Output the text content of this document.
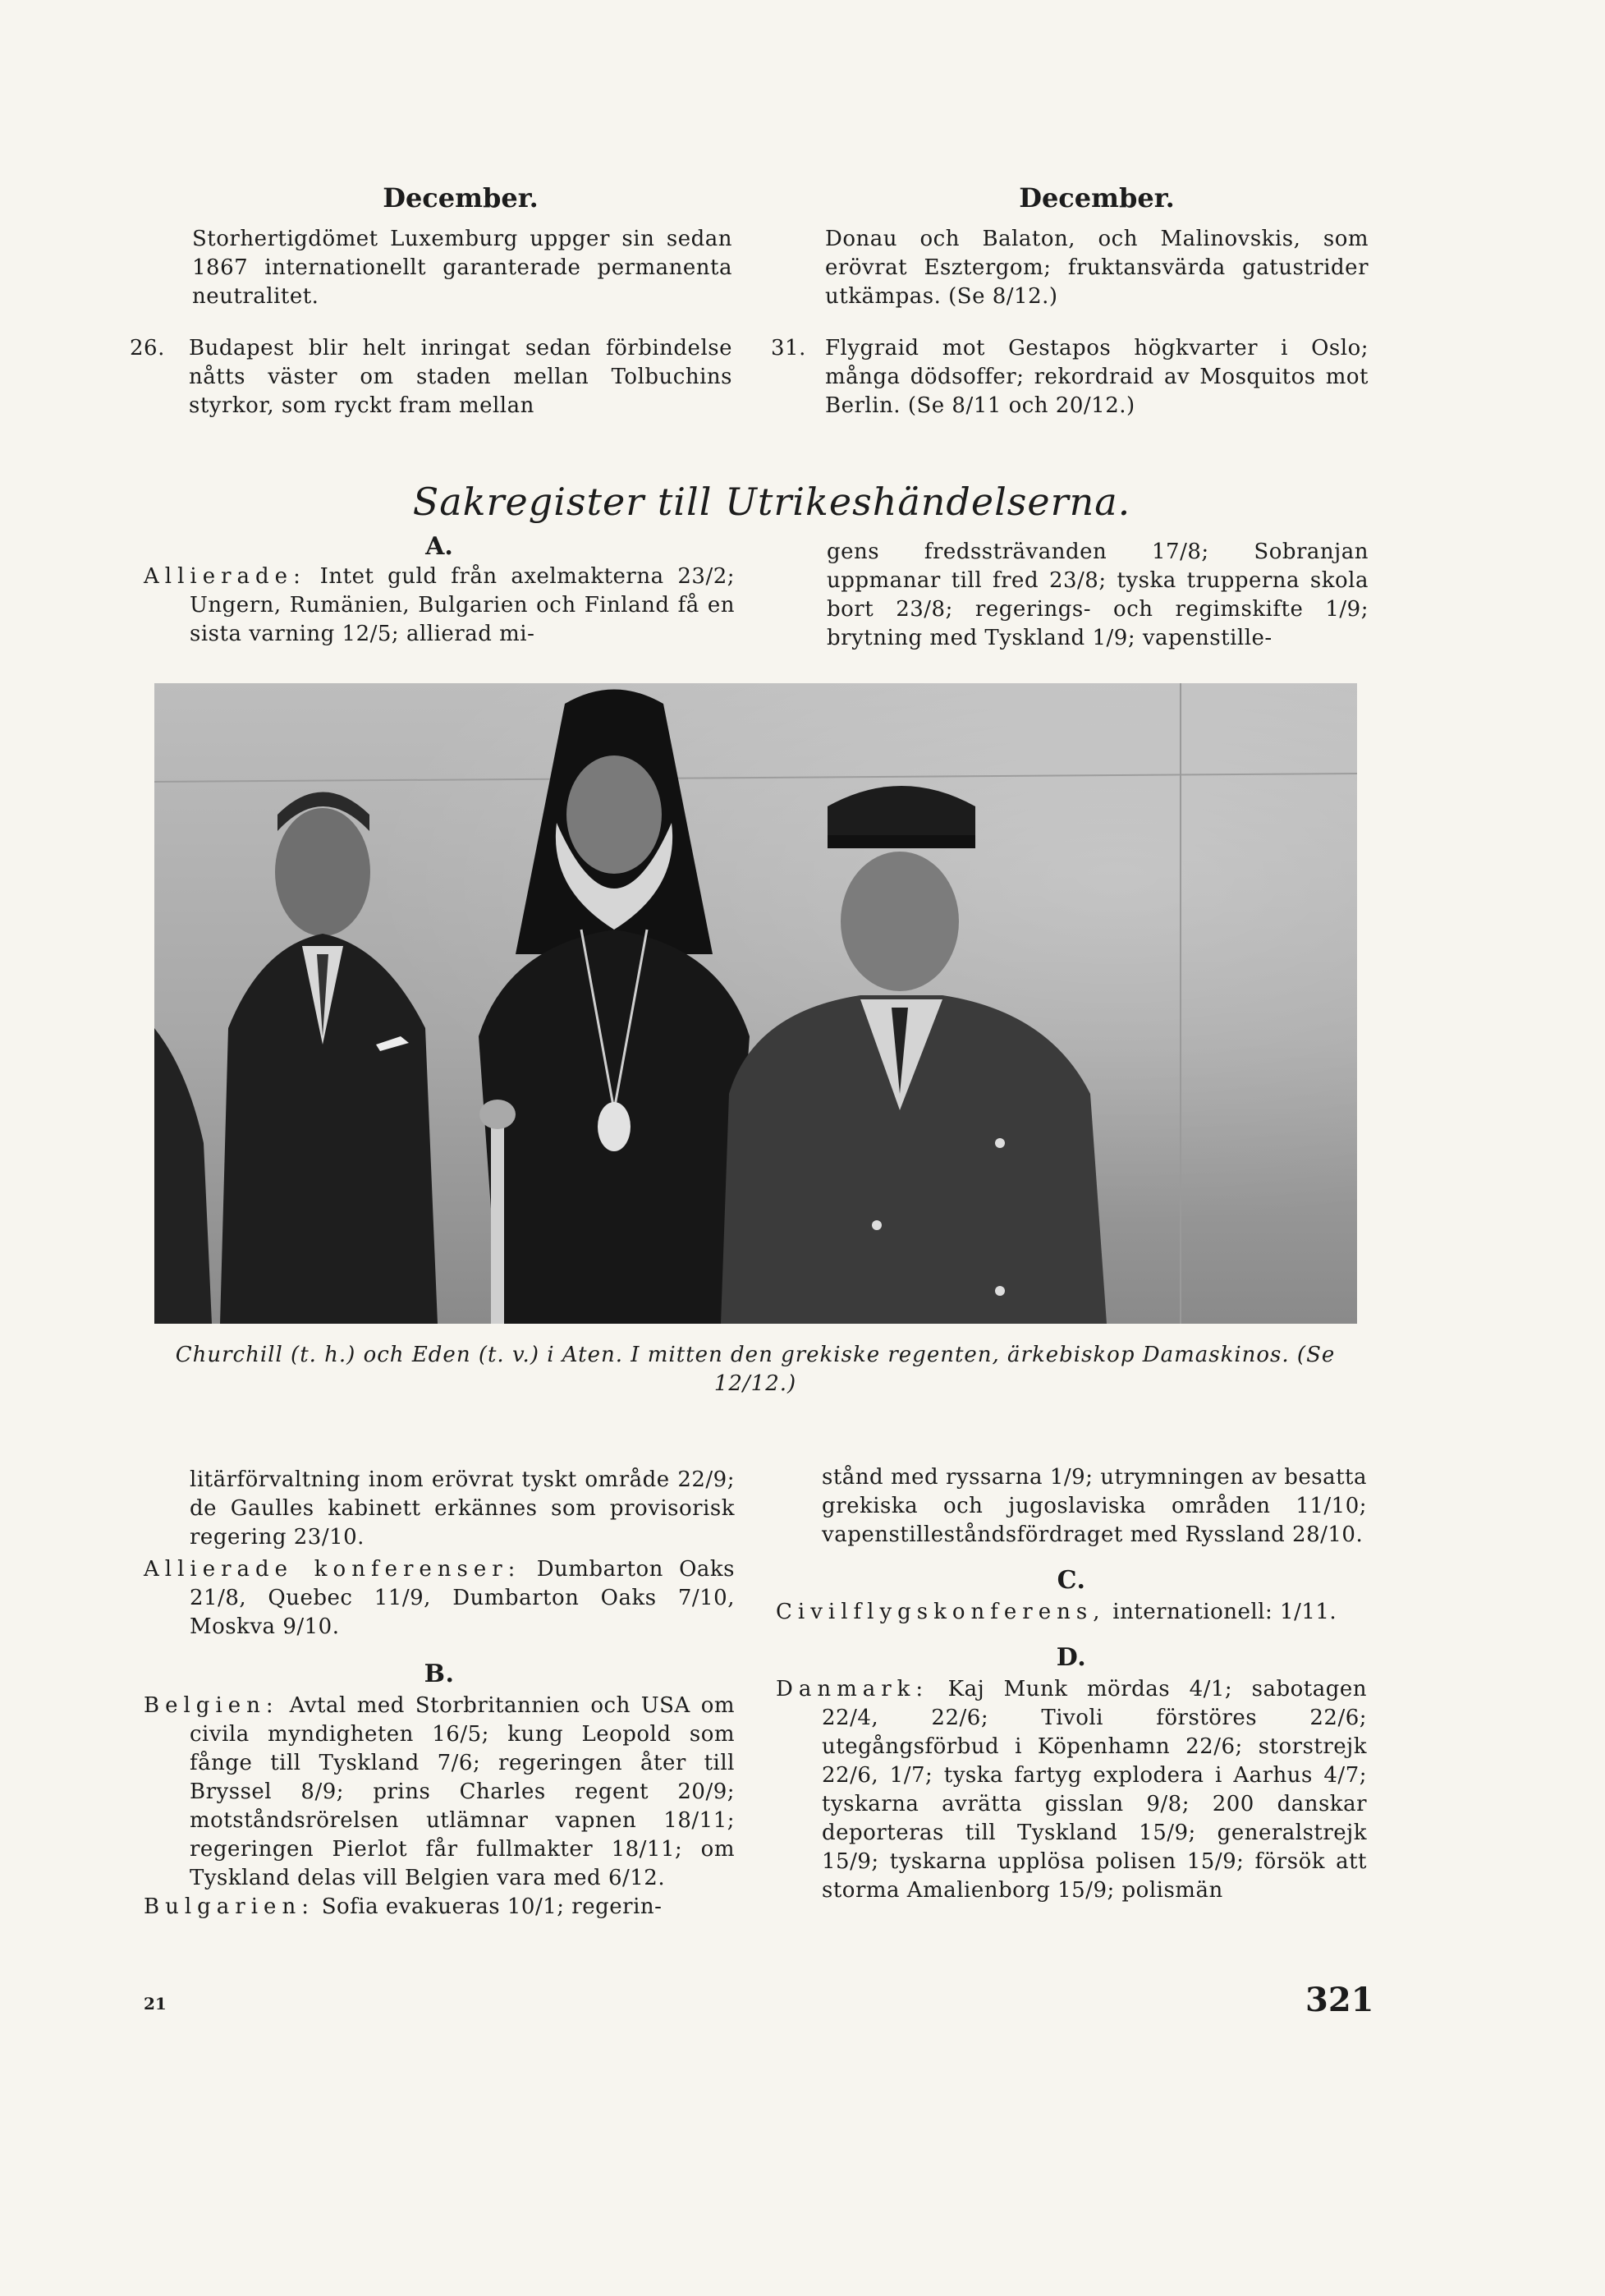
December.

Storhertigdömet Luxemburg uppger sin sedan 1867 internationellt garanterade permanenta neutralitet.

26. Budapest blir helt inringat sedan förbindelse nåtts väster om staden mellan Tolbuchins styrkor, som ryckt fram mellan

December.

Donau och Balaton, och Malinovskis, som erövrat Esztergom; fruktansvärda gatustrider utkämpas. (Se 8/12.)

31. Flygraid mot Gestapos högkvarter i Oslo; många dödsoffer; rekordraid av Mosquitos mot Berlin. (Se 8/11 och 20/12.)

Sakregister till Utrikeshändelserna.
A.

Allierade: Intet guld från axelmakterna 23/2; Ungern, Rumänien, Bulgarien och Finland få en sista varning 12/5; allierad mi-

gens fredssträvanden 17/8; Sobranjan uppmanar till fred 23/8; tyska trupperna skola bort 23/8; regerings- och regimskifte 1/9; brytning med Tyskland 1/9; vapenstille-

Churchill (t. h.) och Eden (t. v.) i Aten. I mitten den grekiske regenten, ärkebiskop Damaskinos. (Se 12/12.)

litärförvaltning inom erövrat tyskt område 22/9; de Gaulles kabinett erkännes som provisorisk regering 23/10.

Allierade konferenser: Dumbarton Oaks 21/8, Quebec 11/9, Dumbarton Oaks 7/10, Moskva 9/10.

B.

Belgien: Avtal med Storbritannien och USA om civila myndigheten 16/5; kung Leopold som fånge till Tyskland 7/6; regeringen åter till Bryssel 8/9; prins Charles regent 20/9; motståndsrörelsen utlämnar vapnen 18/11; regeringen Pierlot får fullmakter 18/11; om Tyskland delas vill Belgien vara med 6/12.

Bulgarien: Sofia evakueras 10/1; regerin-

stånd med ryssarna 1/9; utrymningen av besatta grekiska och jugoslaviska områden 11/10; vapenstilleståndsfördraget med Ryssland 28/10.

C.

Civilflygskonferens, internationell: 1/11.

D.

Danmark: Kaj Munk mördas 4/1; sabotagen 22/4, 22/6; Tivoli förstöres 22/6; utegångsförbud i Köpenhamn 22/6; storstrejk 22/6, 1/7; tyska fartyg explodera i Aarhus 4/7; tyskarna avrätta gisslan 9/8; 200 danskar deporteras till Tyskland 15/9; generalstrejk 15/9; tyskarna upplösa polisen 15/9; försök att storma Amalienborg 15/9; polismän

21	321
